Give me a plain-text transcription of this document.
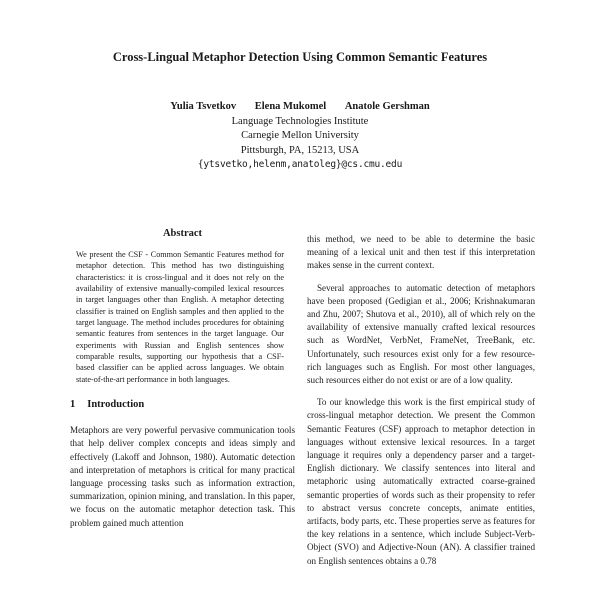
Cross-Lingual Metaphor Detection Using Common Semantic Features
Yulia Tsvetkov Elena Mukomel Anatole Gershman
Language Technologies Institute
Carnegie Mellon University
Pittsburgh, PA, 15213, USA
{ytsvetko,helenm,anatoleg}@cs.cmu.edu
Abstract

We present the CSF - Common Semantic Features method for metaphor detection. This method has two distinguishing characteristics: it is cross-lingual and it does not rely on the availability of extensive manually-compiled lexical resources in target languages other than English. A metaphor detecting classifier is trained on English samples and then applied to the target language. The method includes procedures for obtaining semantic features from sentences in the target language. Our experiments with Russian and English sentences show comparable results, supporting our hypothesis that a CSF-based classifier can be applied across languages. We obtain state-of-the-art performance in both languages.

1 Introduction

Metaphors are very powerful pervasive communication tools that help deliver complex concepts and ideas simply and effectively (Lakoff and Johnson, 1980). Automatic detection and interpretation of metaphors is critical for many practical language processing tasks such as information extraction, summarization, opinion mining, and translation. In this paper, we focus on the automatic metaphor detection task. This problem gained much attention

this method, we need to be able to determine the basic meaning of a lexical unit and then test if this interpretation makes sense in the current context.

Several approaches to automatic detection of metaphors have been proposed (Gedigian et al., 2006; Krishnakumaran and Zhu, 2007; Shutova et al., 2010), all of which rely on the availability of extensive manually crafted lexical resources such as WordNet, VerbNet, FrameNet, TreeBank, etc. Unfortunately, such resources exist only for a few resource-rich languages such as English. For most other languages, such resources either do not exist or are of a low quality.

To our knowledge this work is the first empirical study of cross-lingual metaphor detection. We present the Common Semantic Features (CSF) approach to metaphor detection in languages without extensive lexical resources. In a target language it requires only a dependency parser and a target-English dictionary. We classify sentences into literal and metaphoric using automatically extracted coarse-grained semantic properties of words such as their propensity to refer to abstract versus concrete concepts, animate entities, artifacts, body parts, etc. These properties serve as features for the key relations in a sentence, which include Subject-Verb-Object (SVO) and Adjective-Noun (AN). A classifier trained on English sentences obtains a 0.78
